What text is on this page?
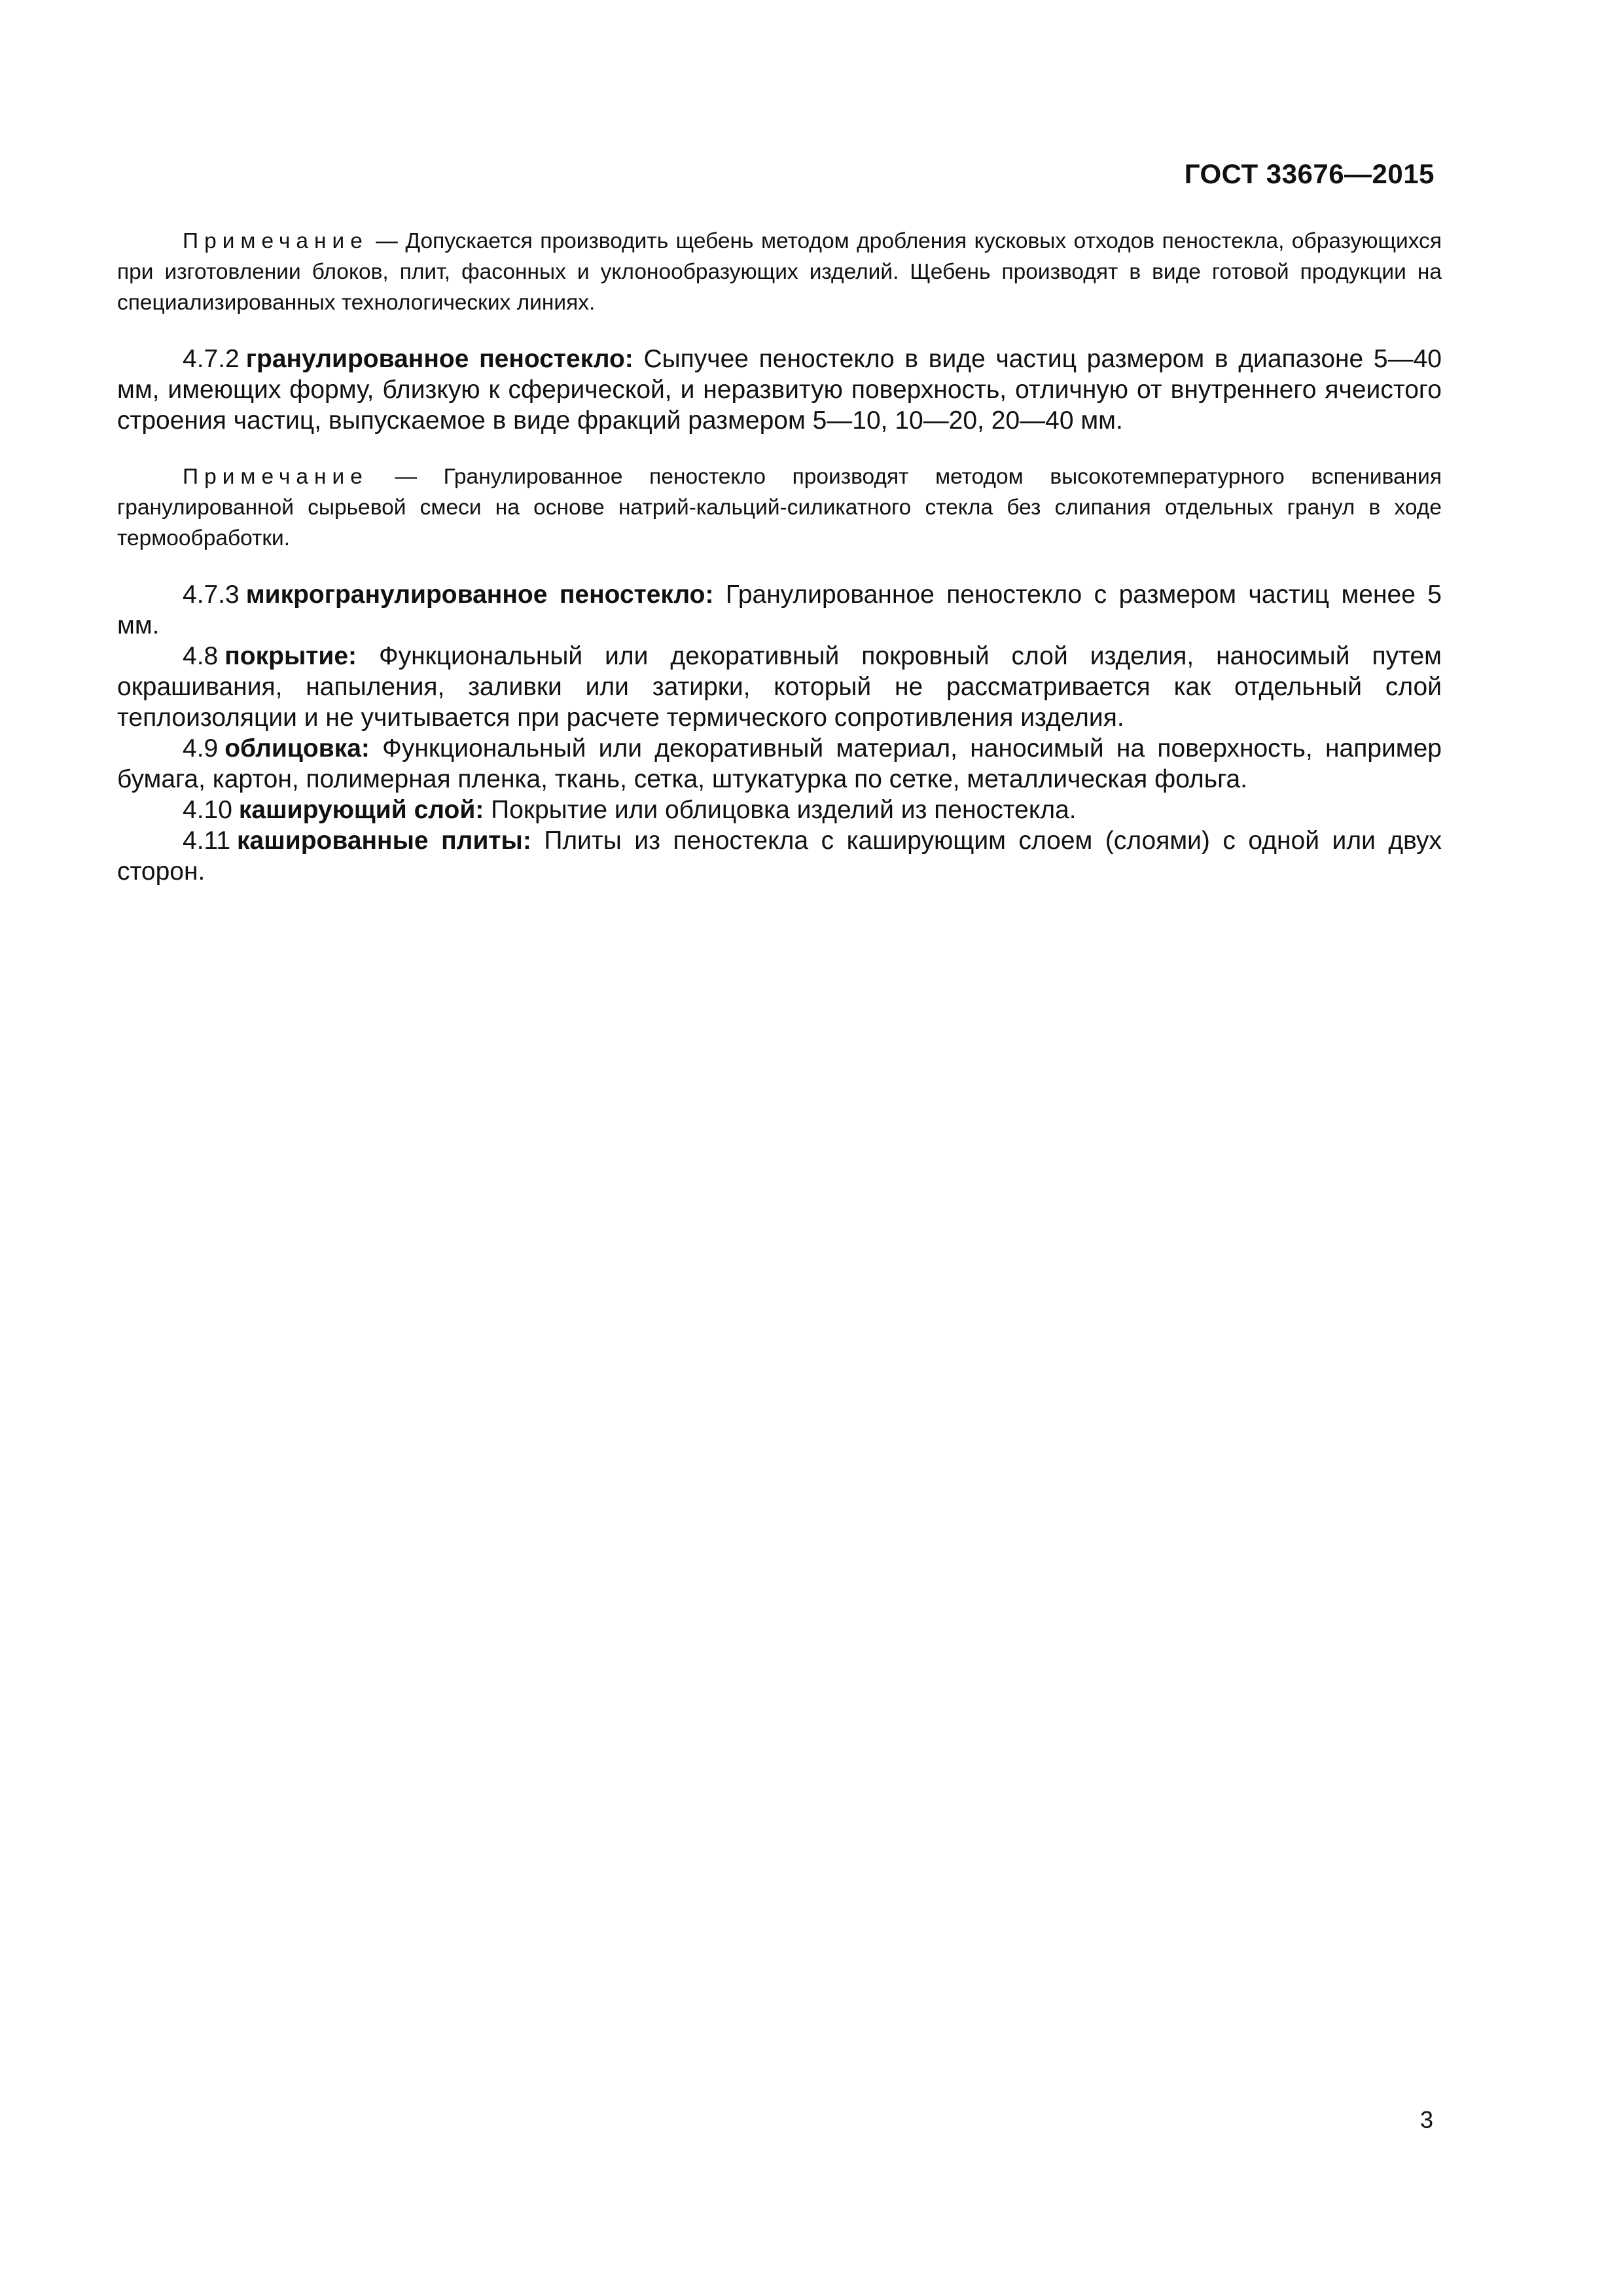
ГОСТ 33676—2015

Примечание — Допускается производить щебень методом дробления кусковых отходов пеностекла, образующихся при изготовлении блоков, плит, фасонных и уклонообразующих изделий. Щебень производят в виде готовой продукции на специализированных технологических линиях.

4.7.2 гранулированное пеностекло: Сыпучее пеностекло в виде частиц размером в диапазоне 5—40 мм, имеющих форму, близкую к сферической, и неразвитую поверхность, отличную от внутреннего ячеистого строения частиц, выпускаемое в виде фракций размером 5—10, 10—20, 20—40 мм.

Примечание — Гранулированное пеностекло производят методом высокотемпературного вспенивания гранулированной сырьевой смеси на основе натрий-кальций-силикатного стекла без слипания отдельных гранул в ходе термообработки.

4.7.3 микрогранулированное пеностекло: Гранулированное пеностекло с размером частиц менее 5 мм.

4.8 покрытие: Функциональный или декоративный покровный слой изделия, наносимый путем окрашивания, напыления, заливки или затирки, который не рассматривается как отдельный слой теплоизоляции и не учитывается при расчете термического сопротивления изделия.

4.9 облицовка: Функциональный или декоративный материал, наносимый на поверхность, например бумага, картон, полимерная пленка, ткань, сетка, штукатурка по сетке, металлическая фольга.

4.10 каширующий слой: Покрытие или облицовка изделий из пеностекла.

4.11 кашированные плиты: Плиты из пеностекла с каширующим слоем (слоями) с одной или двух сторон.

3
